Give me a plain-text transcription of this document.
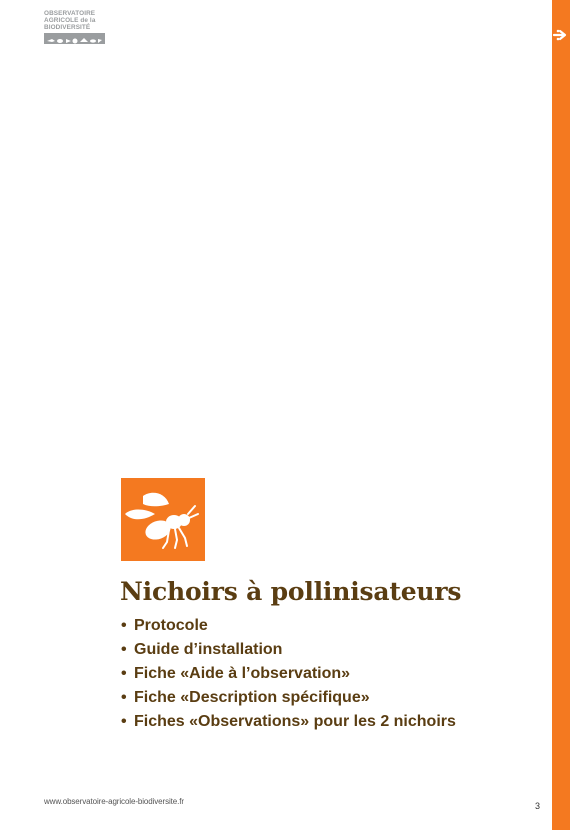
OBSERVATOIRE
AGRICOLE de la
BIODIVERSITÉ
Nichoirs à pollinisateurs
• Protocole
• Guide d’installation
• Fiche «Aide à l’observation»
• Fiche «Description spécifique»
• Fiches «Observations» pour les 2 nichoirs
www.observatoire-agricole-biodiversite.fr	3
